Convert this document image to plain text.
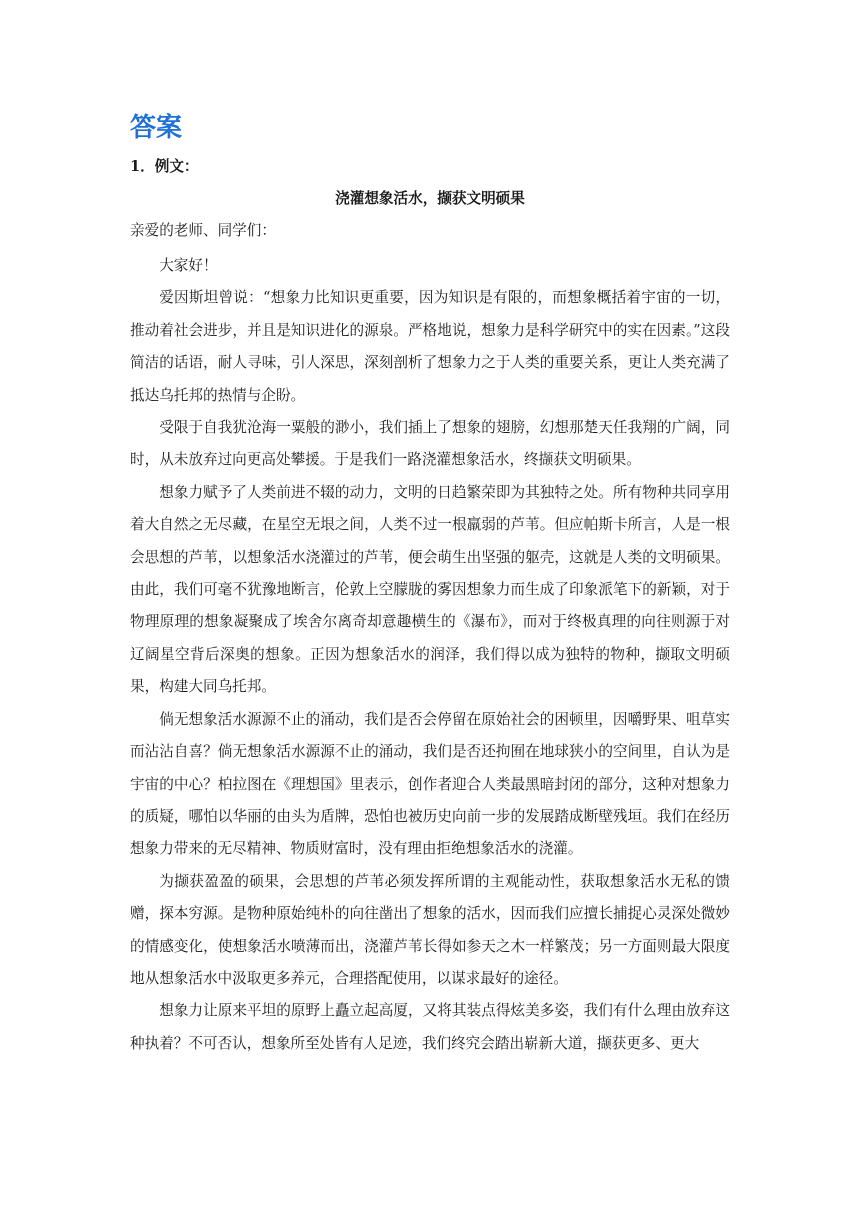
答案
1．例文：
浇灌想象活水，撷获文明硕果
亲爱的老师、同学们：

大家好！

爱因斯坦曾说：“想象力比知识更重要，因为知识是有限的，而想象概括着宇宙的一切，推动着社会进步，并且是知识进化的源泉。严格地说，想象力是科学研究中的实在因素。”这段简洁的话语，耐人寻味，引人深思，深刻剖析了想象力之于人类的重要关系，更让人类充满了抵达乌托邦的热情与企盼。

受限于自我犹沧海一粟般的渺小，我们插上了想象的翅膀，幻想那楚天任我翔的广阔，同时，从未放弃过向更高处攀援。于是我们一路浇灌想象活水，终撷获文明硕果。

想象力赋予了人类前进不辍的动力，文明的日趋繁荣即为其独特之处。所有物种共同享用着大自然之无尽藏，在星空无垠之间，人类不过一根羸弱的芦苇。但应帕斯卡所言，人是一根会思想的芦苇，以想象活水浇灌过的芦苇，便会萌生出坚强的躯壳，这就是人类的文明硕果。由此，我们可毫不犹豫地断言，伦敦上空朦胧的雾因想象力而生成了印象派笔下的新颖，对于物理原理的想象凝聚成了埃舍尔离奇却意趣横生的《瀑布》，而对于终极真理的向往则源于对辽阔星空背后深奥的想象。正因为想象活水的润泽，我们得以成为独特的物种，撷取文明硕果，构建大同乌托邦。

倘无想象活水源源不止的涌动，我们是否会停留在原始社会的困顿里，因嚼野果、咀草实而沾沾自喜？倘无想象活水源源不止的涌动，我们是否还拘囿在地球狭小的空间里，自认为是宇宙的中心？柏拉图在《理想国》里表示，创作者迎合人类最黑暗封闭的部分，这种对想象力的质疑，哪怕以华丽的由头为盾牌，恐怕也被历史向前一步的发展踏成断壁残垣。我们在经历想象力带来的无尽精神、物质财富时，没有理由拒绝想象活水的浇灌。

为撷获盈盈的硕果，会思想的芦苇必须发挥所谓的主观能动性，获取想象活水无私的馈赠，探本穷源。是物种原始纯朴的向往凿出了想象的活水，因而我们应擅长捕捉心灵深处微妙的情感变化，使想象活水喷薄而出，浇灌芦苇长得如参天之木一样繁茂；另一方面则最大限度地从想象活水中汲取更多养元，合理搭配使用，以谋求最好的途径。

想象力让原来平坦的原野上矗立起高厦，又将其装点得炫美多姿，我们有什么理由放弃这种执着？不可否认，想象所至处皆有人足迹，我们终究会踏出崭新大道，撷获更多、更大
